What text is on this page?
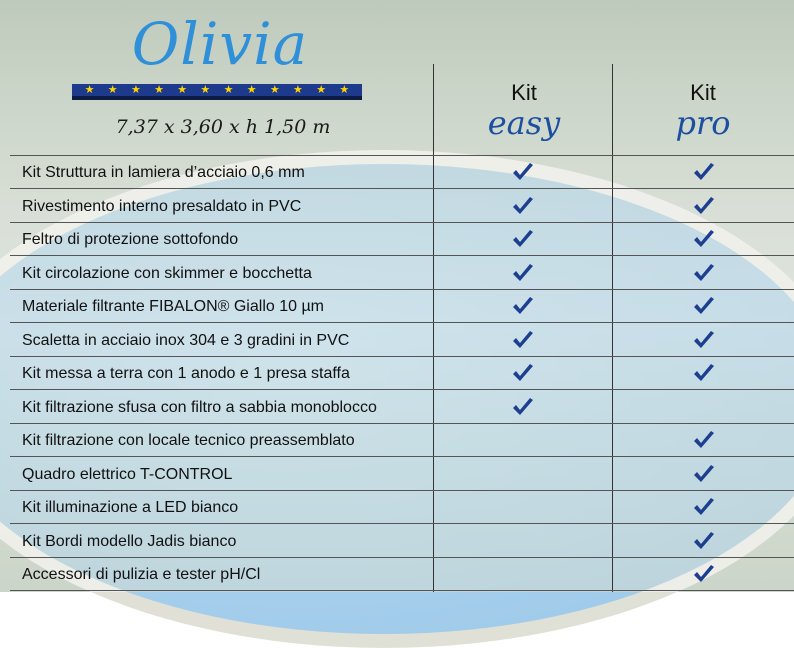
Olivia
★ ★ ★ ★ ★ ★ ★ ★ ★ ★ ★ ★
7,37 x 3,60 x h 1,50 m
Kit
easy
Kit
pro
Kit Struttura in lamiera d’acciaio 0,6 mm
Rivestimento interno presaldato in PVC
Feltro di protezione sottofondo
Kit circolazione con skimmer e bocchetta
Materiale filtrante FIBALON® Giallo 10 µm
Scaletta in acciaio inox 304 e 3 gradini in PVC
Kit messa a terra con 1 anodo e 1 presa staffa
Kit filtrazione sfusa con filtro a sabbia monoblocco
Kit filtrazione con locale tecnico preassemblato
Quadro elettrico T-CONTROL
Kit illuminazione a LED bianco
Kit Bordi modello Jadis bianco
Accessori di pulizia e tester pH/Cl
